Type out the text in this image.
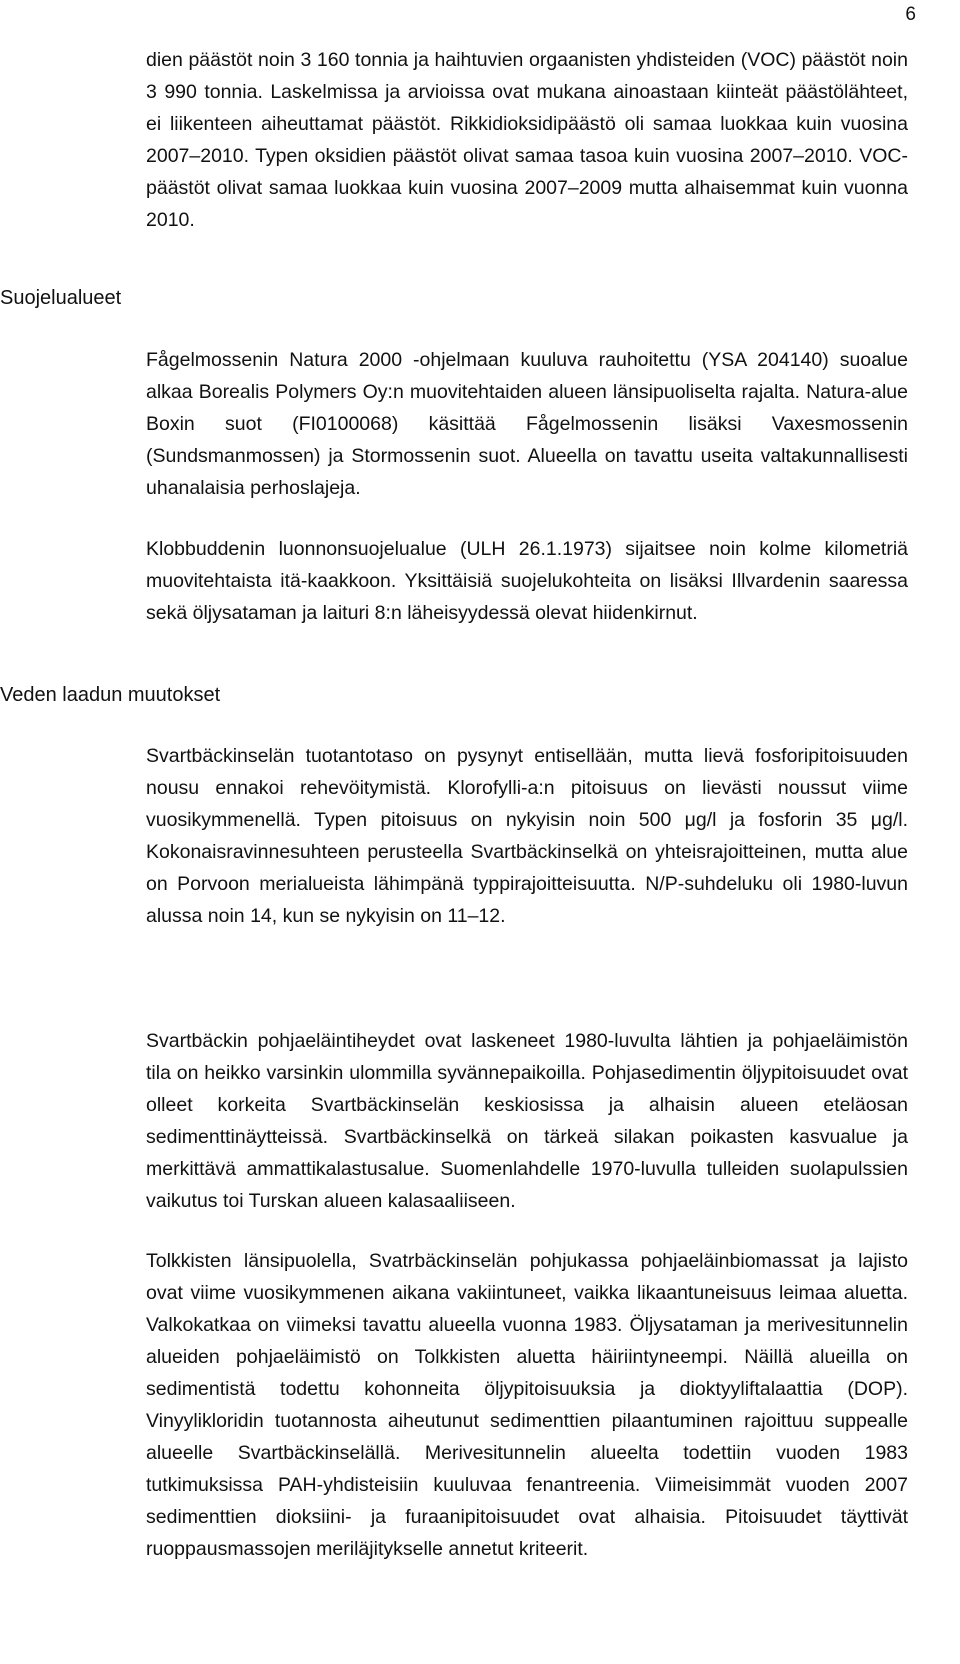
6

dien päästöt noin 3 160 tonnia ja haihtuvien orgaanisten yhdisteiden (VOC) päästöt noin 3 990 tonnia. Laskelmissa ja arvioissa ovat mukana ainoastaan kiinteät päästölähteet, ei liikenteen aiheuttamat päästöt. Rikkidioksidipäästö oli samaa luokkaa kuin vuosina 2007–2010. Typen oksidien päästöt olivat samaa tasoa kuin vuosina 2007–2010. VOC-päästöt olivat samaa luokkaa kuin vuosina 2007–2009 mutta alhaisemmat kuin vuonna 2010.

Suojelualueet

Fågelmossenin Natura 2000 -ohjelmaan kuuluva rauhoitettu (YSA 204140) suoalue alkaa Borealis Polymers Oy:n muovitehtaiden alueen länsipuoliselta rajalta. Natura-alue Boxin suot (FI0100068) käsittää Fågelmossenin lisäksi Vaxesmossenin (Sundsmanmossen) ja Stormossenin suot. Alueella on tavattu useita valtakunnallisesti uhanalaisia perhoslajeja.

Klobbuddenin luonnonsuojelualue (ULH 26.1.1973) sijaitsee noin kolme kilometriä muovitehtaista itä-kaakkoon. Yksittäisiä suojelukohteita on lisäksi Illvardenin saaressa sekä öljysataman ja laituri 8:n läheisyydessä olevat hiidenkirnut.

Veden laadun muutokset

Svartbäckinselän tuotantotaso on pysynyt entisellään, mutta lievä fosforipitoisuuden nousu ennakoi rehevöitymistä. Klorofylli-a:n pitoisuus on lievästi noussut viime vuosikymmenellä. Typen pitoisuus on nykyisin noin 500 μg/l ja fosforin 35 μg/l. Kokonaisravinnesuhteen perusteella Svartbäckinselkä on yhteisrajoitteinen, mutta alue on Porvoon merialueista lähimpänä typpirajoitteisuutta. N/P-suhdeluku oli 1980-luvun alussa noin 14, kun se nykyisin on 11–12.

Svartbäckin pohjaeläintiheydet ovat laskeneet 1980-luvulta lähtien ja pohjaeläimistön tila on heikko varsinkin ulommilla syvännepaikoilla. Pohjasedimentin öljypitoisuudet ovat olleet korkeita Svartbäckinselän keskiosissa ja alhaisin alueen eteläosan sedimenttinäytteissä. Svartbäckinselkä on tärkeä silakan poikasten kasvualue ja merkittävä ammattikalastusalue. Suomenlahdelle 1970-luvulla tulleiden suolapulssien vaikutus toi Turskan alueen kalasaaliiseen.

Tolkkisten länsipuolella, Svatrbäckinselän pohjukassa pohjaeläinbiomassat ja lajisto ovat viime vuosikymmenen aikana vakiintuneet, vaikka likaantuneisuus leimaa aluetta. Valkokatkaa on viimeksi tavattu alueella vuonna 1983. Öljysataman ja merivesitunnelin alueiden pohjaeläimistö on Tolkkisten aluetta häiriintyneempi. Näillä alueilla on sedimentistä todettu kohonneita öljypitoisuuksia ja dioktyyliftalaattia (DOP). Vinyylikloridin tuotannosta aiheutunut sedimenttien pilaantuminen rajoittuu suppealle alueelle Svartbäckinselällä. Merivesitunnelin alueelta todettiin vuoden 1983 tutkimuksissa PAH-yhdisteisiin kuuluvaa fenantreenia. Viimeisimmät vuoden 2007 sedimenttien dioksiini- ja furaanipitoisuudet ovat alhaisia. Pitoisuudet täyttivät ruoppausmassojen meriläjitykselle annetut kriteerit.
